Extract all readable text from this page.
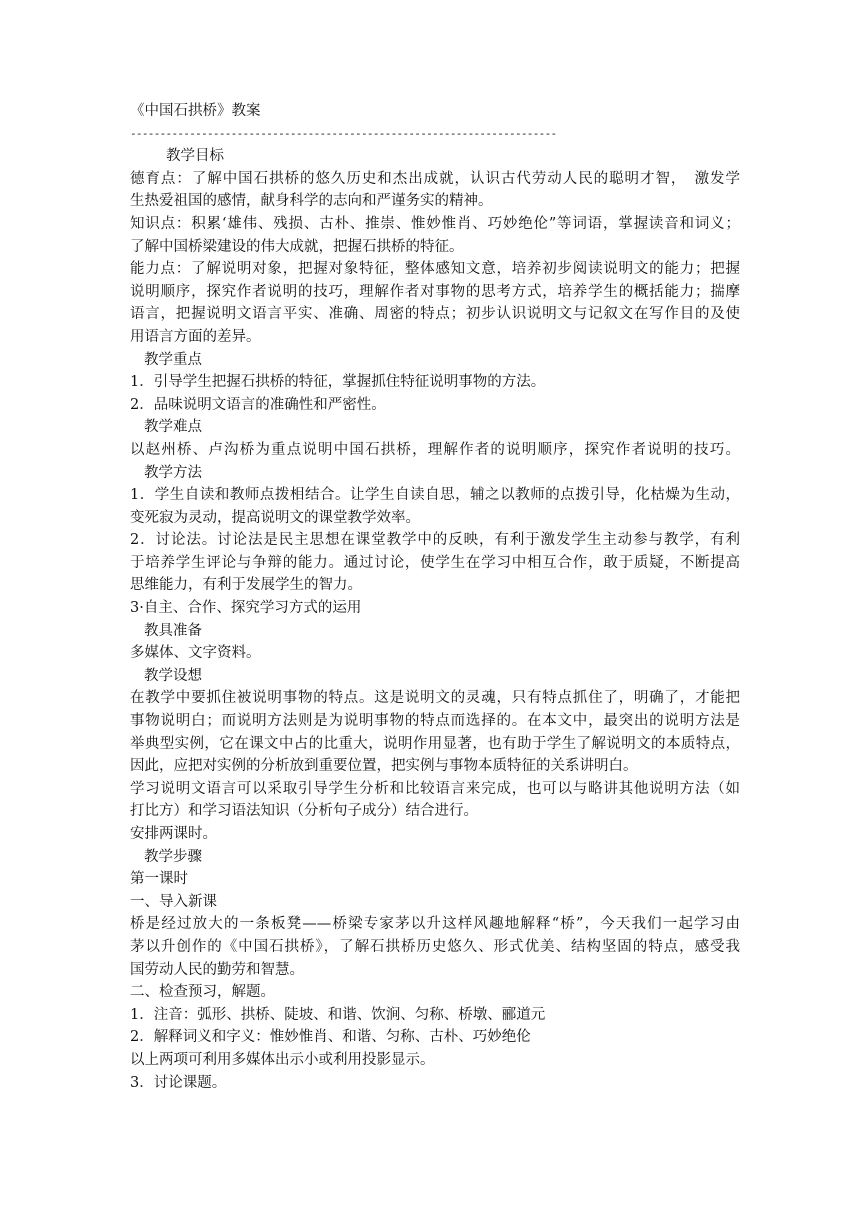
《中国石拱桥》教案
------------------------------------------------------------------------
教学目标
德育点：了解中国石拱桥的悠久历史和杰出成就，认识古代劳动人民的聪明才智，　激发学
生热爱祖国的感情，献身科学的志向和严谨务实的精神。
知识点：积累‘雄伟、残损、古朴、推崇、惟妙惟肖、巧妙绝伦”等词语，掌握读音和词义；
了解中国桥梁建设的伟大成就，把握石拱桥的特征。
能力点：了解说明对象，把握对象特征，整体感知文意，培养初步阅读说明文的能力；把握
说明顺序，探究作者说明的技巧，理解作者对事物的思考方式，培养学生的概括能力；揣摩
语言，把握说明文语言平实、准确、周密的特点；初步认识说明文与记叙文在写作目的及使
用语言方面的差异。
教学重点
1．引导学生把握石拱桥的特征，掌握抓住特征说明事物的方法。
2．品味说明文语言的准确性和严密性。
教学难点
以赵州桥、卢沟桥为重点说明中国石拱桥，理解作者的说明顺序，探究作者说明的技巧。
教学方法
1．学生自读和教师点拨相结合。让学生自读自思，辅之以教师的点拨引导，化枯燥为生动，
变死寂为灵动，提高说明文的课堂教学效率。
2．讨论法。讨论法是民主思想在课堂教学中的反映，有利于激发学生主动参与教学，有利
于培养学生评论与争辩的能力。通过讨论，使学生在学习中相互合作，敢于质疑，不断提高
思维能力，有利于发展学生的智力。
3·自主、合作、探究学习方式的运用
教具准备
多媒体、文字资料。
教学设想
在教学中要抓住被说明事物的特点。这是说明文的灵魂，只有特点抓住了，明确了，才能把
事物说明白；而说明方法则是为说明事物的特点而选择的。在本文中，最突出的说明方法是
举典型实例，它在课文中占的比重大，说明作用显著，也有助于学生了解说明文的本质特点，
因此，应把对实例的分析放到重要位置，把实例与事物本质特征的关系讲明白。
学习说明文语言可以采取引导学生分析和比较语言来完成，也可以与略讲其他说明方法（如
打比方）和学习语法知识（分析句子成分）结合进行。
安排两课时。
教学步骤
第一课时
一、导入新课
桥是经过放大的一条板凳——桥梁专家茅以升这样风趣地解释“桥”，今天我们一起学习由
茅以升创作的《中国石拱桥》，了解石拱桥历史悠久、形式优美、结构坚固的特点，感受我
国劳动人民的勤劳和智慧。
二、检查预习，解题。
1．注音：弧形、拱桥、陡坡、和谐、饮涧、匀称、桥墩、郦道元
2．解释词义和字义：惟妙惟肖、和谐、匀称、古朴、巧妙绝伦
以上两项可利用多媒体出示小或利用投影显示。
3．讨论课题。
